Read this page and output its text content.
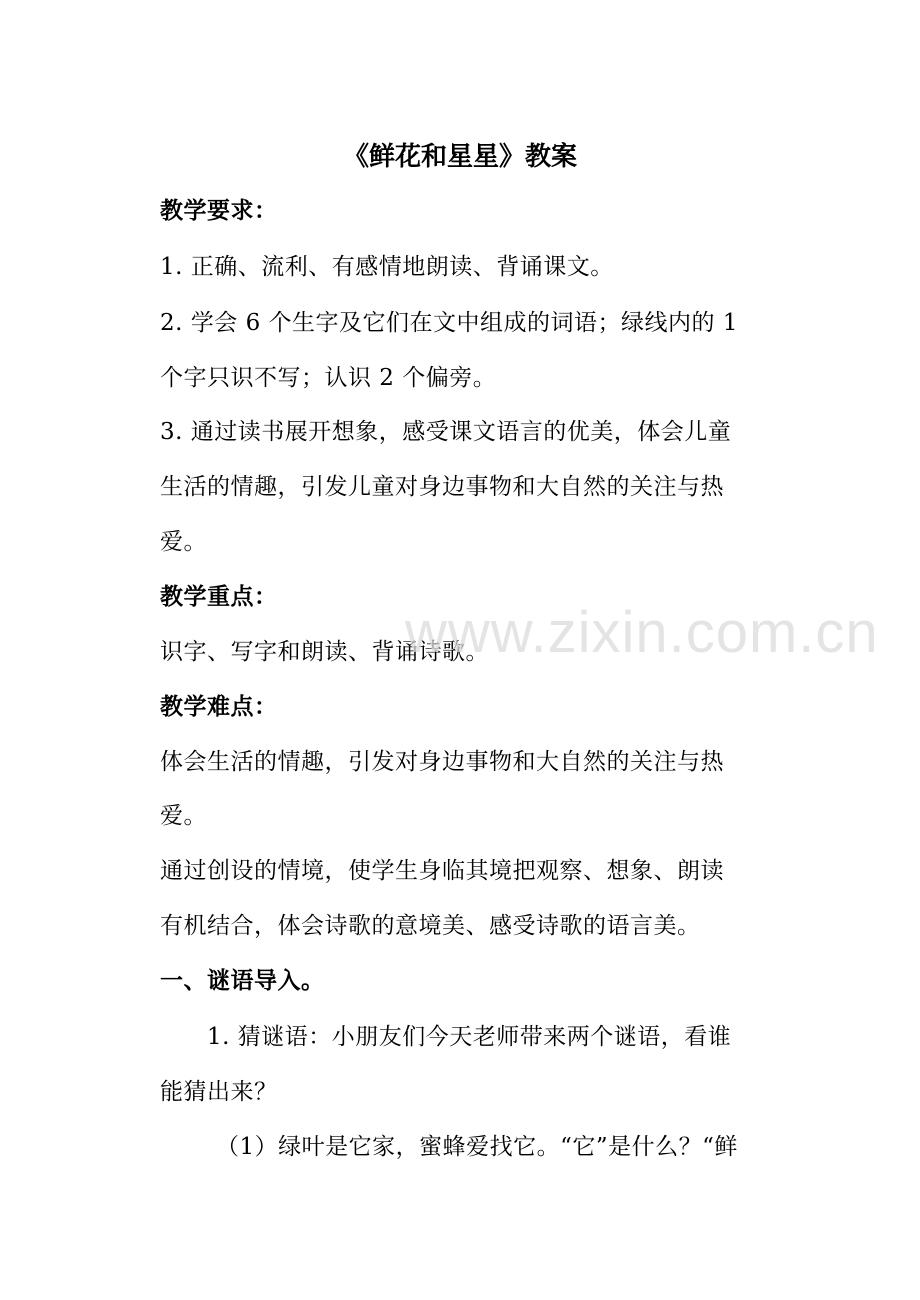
《鲜花和星星》教案
教学要求：
1. 正确、流利、有感情地朗读、背诵课文。
2. 学会 6 个生字及它们在文中组成的词语；绿线内的 1
个字只识不写；认识 2 个偏旁。
3. 通过读书展开想象，感受课文语言的优美，体会儿童
生活的情趣，引发儿童对身边事物和大自然的关注与热
爱。
教学重点：
识字、写字和朗读、背诵诗歌。
教学难点：
体会生活的情趣，引发对身边事物和大自然的关注与热
爱。
通过创设的情境，使学生身临其境把观察、想象、朗读
有机结合，体会诗歌的意境美、感受诗歌的语言美。
一、谜语导入。
1. 猜谜语：小朋友们今天老师带来两个谜语，看谁
能猜出来？
（1）绿叶是它家，蜜蜂爱找它。“它”是什么？“鲜
www.zixin.com.cn
